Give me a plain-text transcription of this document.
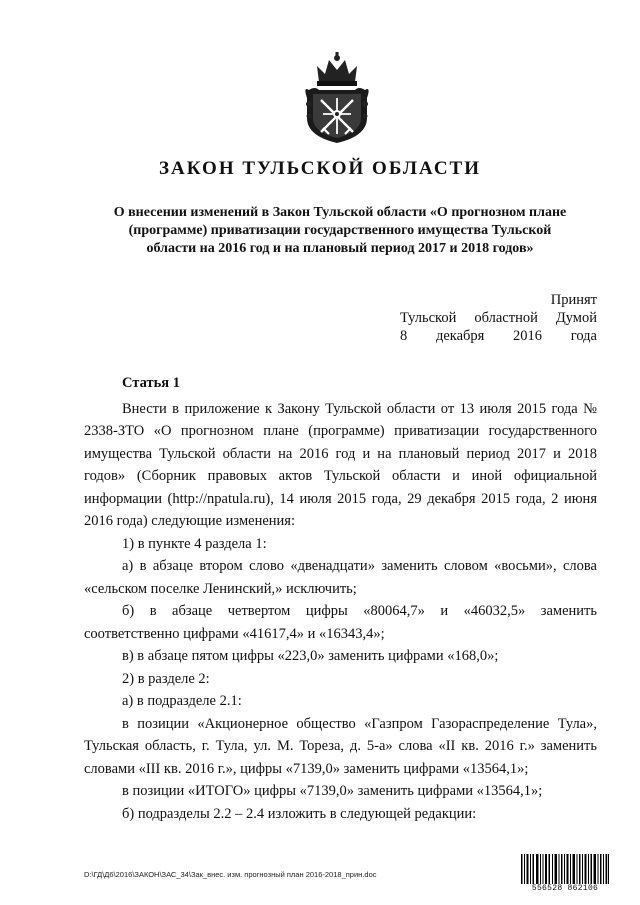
ЗАКОН ТУЛЬСКОЙ ОБЛАСТИ

О внесении изменений в Закон Тульской области «О прогнозном плане (программе) приватизации государственного имущества Тульской области на 2016 год и на плановый период 2017 и 2018 годов»

Принят
Тульской областной Думой
8 декабря 2016 года

Статья 1

Внести в приложение к Закону Тульской области от 13 июля 2015 года № 2338-ЗТО «О прогнозном плане (программе) приватизации государственного имущества Тульской области на 2016 год и на плановый период 2017 и 2018 годов» (Сборник правовых актов Тульской области и иной официальной информации (http://npatula.ru), 14 июля 2015 года, 29 декабря 2015 года, 2 июня 2016 года) следующие изменения:

1) в пункте 4 раздела 1:

а) в абзаце втором слово «двенадцати» заменить словом «восьми», слова «сельском поселке Ленинский,» исключить;

б) в абзаце четвертом цифры «80064,7» и «46032,5» заменить соответственно цифрами «41617,4» и «16343,4»;

в) в абзаце пятом цифры «223,0» заменить цифрами «168,0»;

2) в разделе 2:

а) в подразделе 2.1:

в позиции «Акционерное общество «Газпром Газораспределение Тула», Тульская область, г. Тула, ул. М. Тореза, д. 5-а» слова «II кв. 2016 г.» заменить словами «III кв. 2016 г.», цифры «7139,0» заменить цифрами «13564,1»;

в позиции «ИТОГО» цифры «7139,0» заменить цифрами «13564,1»;

б) подразделы 2.2 – 2.4 изложить в следующей редакции:

D:\ГД\Д6\2016\ЗАКОН\ЗАС_34\Зак_внес. изм. прогнозный план 2016-2018_прин.doc
556528 862106
